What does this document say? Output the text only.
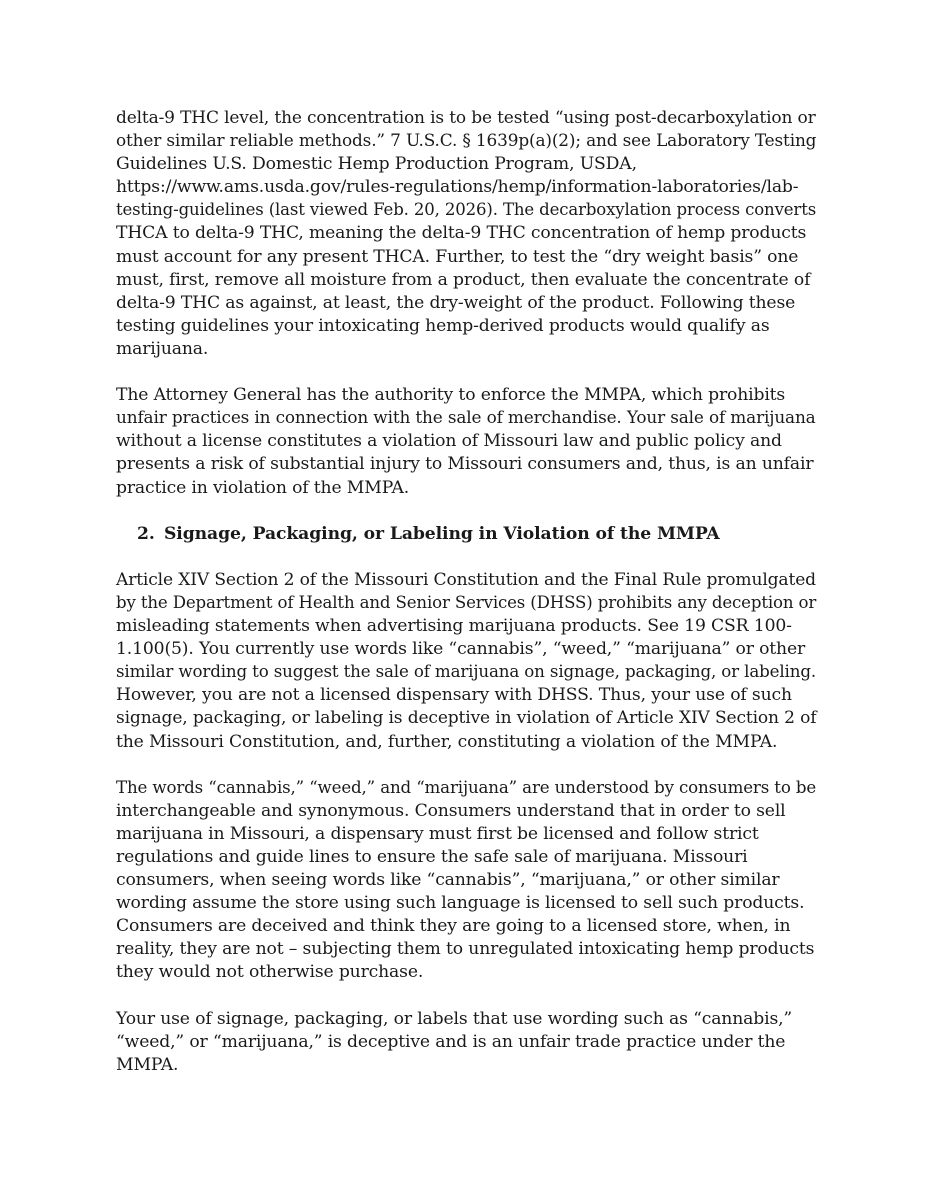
delta-9 THC level, the concentration is to be tested “using post-decarboxylation or
other similar reliable methods.” 7 U.S.C. § 1639p(a)(2); and see Laboratory Testing
Guidelines U.S. Domestic Hemp Production Program, USDA,
https://www.ams.usda.gov/rules-regulations/hemp/information-laboratories/lab-
testing-guidelines (last viewed Feb. 20, 2026). The decarboxylation process converts
THCA to delta-9 THC, meaning the delta-9 THC concentration of hemp products
must account for any present THCA. Further, to test the “dry weight basis” one
must, first, remove all moisture from a product, then evaluate the concentrate of
delta-9 THC as against, at least, the dry-weight of the product. Following these
testing guidelines your intoxicating hemp-derived products would qualify as
marijuana.
The Attorney General has the authority to enforce the MMPA, which prohibits
unfair practices in connection with the sale of merchandise. Your sale of marijuana
without a license constitutes a violation of Missouri law and public policy and
presents a risk of substantial injury to Missouri consumers and, thus, is an unfair
practice in violation of the MMPA.
2. Signage, Packaging, or Labeling in Violation of the MMPA
Article XIV Section 2 of the Missouri Constitution and the Final Rule promulgated
by the Department of Health and Senior Services (DHSS) prohibits any deception or
misleading statements when advertising marijuana products. See 19 CSR 100-
1.100(5). You currently use words like “cannabis”, “weed,” “marijuana” or other
similar wording to suggest the sale of marijuana on signage, packaging, or labeling.
However, you are not a licensed dispensary with DHSS. Thus, your use of such
signage, packaging, or labeling is deceptive in violation of Article XIV Section 2 of
the Missouri Constitution, and, further, constituting a violation of the MMPA.
The words “cannabis,” “weed,” and “marijuana” are understood by consumers to be
interchangeable and synonymous. Consumers understand that in order to sell
marijuana in Missouri, a dispensary must first be licensed and follow strict
regulations and guide lines to ensure the safe sale of marijuana. Missouri
consumers, when seeing words like “cannabis”, “marijuana,” or other similar
wording assume the store using such language is licensed to sell such products.
Consumers are deceived and think they are going to a licensed store, when, in
reality, they are not – subjecting them to unregulated intoxicating hemp products
they would not otherwise purchase.
Your use of signage, packaging, or labels that use wording such as “cannabis,”
“weed,” or “marijuana,” is deceptive and is an unfair trade practice under the
MMPA.
